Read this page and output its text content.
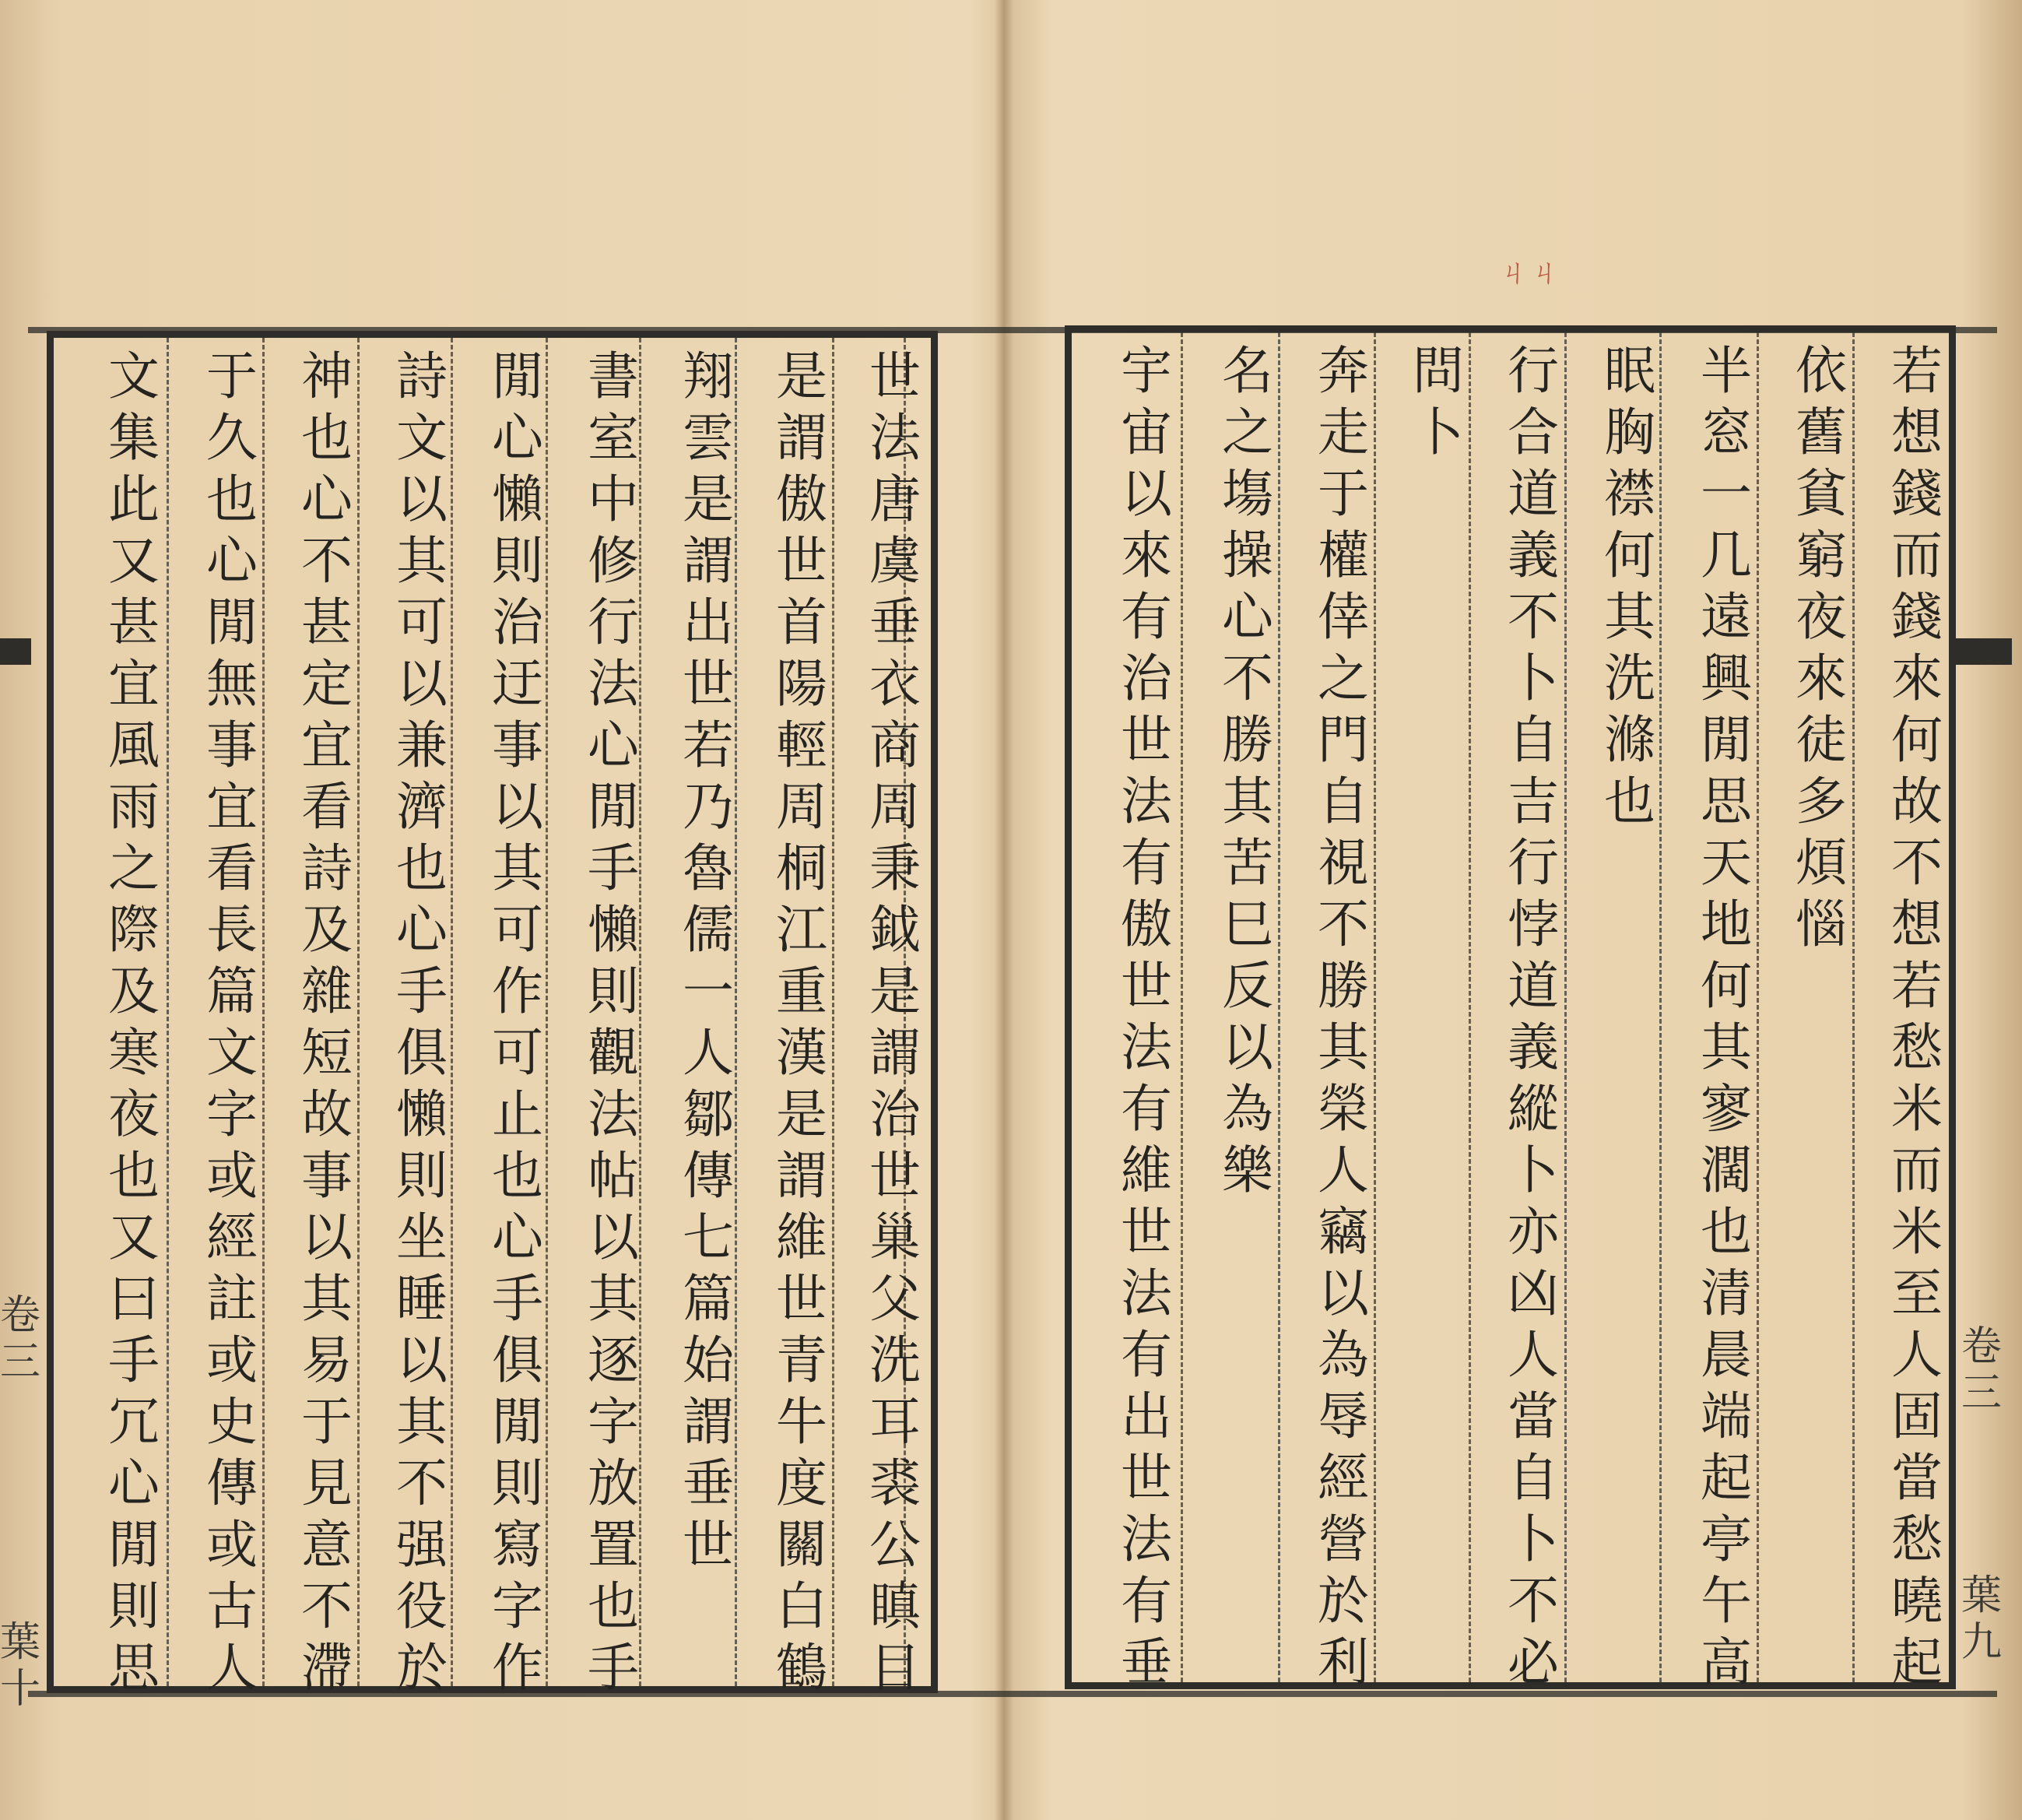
卷三
葉十
世
法
唐
虞
垂
衣
商
周
秉
鉞
是
謂
治
世
巢
父
洗
耳
裘
公
瞋
目
是
謂
傲
世
首
陽
輕
周
桐
江
重
漢
是
謂
維
世
青
牛
度
關
白
鶴
翔
雲
是
謂
出
世
若
乃
魯
儒
一
人
鄒
傳
七
篇
始
謂
垂
世
書
室
中
修
行
法
心
閒
手
懶
則
觀
法
帖
以
其
逐
字
放
置
也
手
閒
心
懶
則
治
迂
事
以
其
可
作
可
止
也
心
手
俱
閒
則
寫
字
作
詩
文
以
其
可
以
兼
濟
也
心
手
俱
懶
則
坐
睡
以
其
不
强
役
於
神
也
心
不
甚
定
宜
看
詩
及
雜
短
故
事
以
其
易
于
見
意
不
滯
于
久
也
心
閒
無
事
宜
看
長
篇
文
字
或
經
註
或
史
傳
或
古
人
文
集
此
又
甚
宜
風
雨
之
際
及
寒
夜
也
又
曰
手
冗
心
閒
則
思
卷三
葉九
ㄐㄐ
若
想
錢
而
錢
來
何
故
不
想
若
愁
米
而
米
至
人
固
當
愁
曉
起
依
舊
貧
窮
夜
來
徒
多
煩
惱
半
窓
一
几
遠
興
閒
思
天
地
何
其
寥
濶
也
清
晨
端
起
亭
午
高
眠
胸
襟
何
其
洗
滌
也
行
合
道
義
不
卜
自
吉
行
悖
道
義
縱
卜
亦
凶
人
當
自
卜
不
必
問
卜
奔
走
于
權
倖
之
門
自
視
不
勝
其
榮
人
竊
以
為
辱
經
營
於
利
名
之
塲
操
心
不
勝
其
苦
巳
反
以
為
樂
宇
宙
以
來
有
治
世
法
有
傲
世
法
有
維
世
法
有
出
世
法
有
垂
